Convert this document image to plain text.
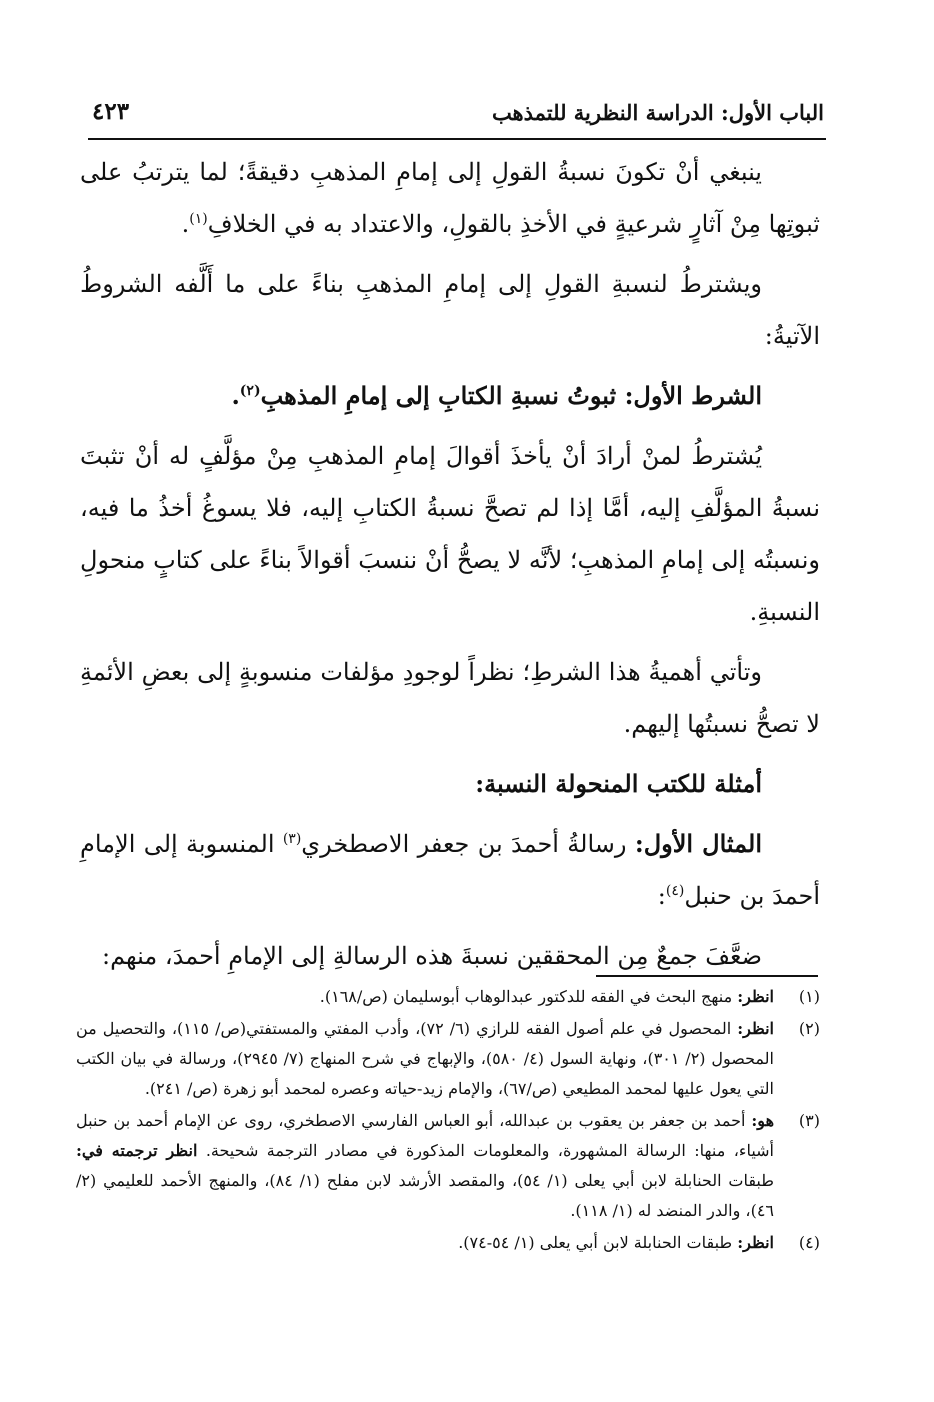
الباب الأول: الدراسة النظرية للتمذهب
٤٢٣

ينبغي أنْ تكونَ نسبةُ القولِ إلى إمامِ المذهبِ دقيقةً؛ لما يترتبُ على ثبوتِها مِنْ آثارٍ شرعيةٍ في الأخذِ بالقولِ، والاعتداد به في الخلافِ$^{(١)}$.

ويشترطُ لنسبةِ القولِ إلى إمامِ المذهبِ بناءً على ما أَلَّفه الشروطُ الآتيةُ:

الشرط الأول: ثبوتُ نسبةِ الكتابِ إلى إمامِ المذهبِ$^{(٢)}$.

يُشترطُ لمنْ أرادَ أنْ يأخذَ أقوالَ إمامِ المذهبِ مِنْ مؤلَّفٍ له أنْ تثبتَ نسبةُ المؤلَّفِ إليه، أمَّا إذا لم تصحَّ نسبةُ الكتابِ إليه، فلا يسوغُ أخذُ ما فيه، ونسبتُه إلى إمامِ المذهبِ؛ لأنَّه لا يصحُّ أنْ ننسبَ أقوالاً بناءً على كتابٍ منحولِ النسبةِ.

وتأتي أهميةُ هذا الشرطِ؛ نظراً لوجودِ مؤلفات منسوبةٍ إلى بعضِ الأئمةِ لا تصحُّ نسبتُها إليهم.

أمثلة للكتب المنحولة النسبة:

المثال الأول: رسالةُ أحمدَ بن جعفر الاصطخري$^{(٣)}$ المنسوبة إلى الإمامِ أحمدَ بن حنبل$^{(٤)}$:

ضعَّفَ جمعٌ مِن المحققين نسبةَ هذه الرسالةِ إلى الإمامِ أحمدَ، منهم:

(١)
انظر: منهج البحث في الفقه للدكتور عبدالوهاب أبوسليمان (ص/١٦٨).

(٢)
انظر: المحصول في علم أصول الفقه للرازي (٦/ ٧٢)، وأدب المفتي والمستفتي(ص/ ١١٥)، والتحصيل من المحصول (٢/ ٣٠١)، ونهاية السول (٤/ ٥٨٠)، والإبهاج في شرح المنهاج (٧/ ٢٩٤٥)، ورسالة في بيان الكتب التي يعول عليها لمحمد المطيعي (ص/٦٧)، والإمام زيد-حياته وعصره لمحمد أبو زهرة (ص/ ٢٤١).

(٣)
هو: أحمد بن جعفر بن يعقوب بن عبدالله، أبو العباس الفارسي الاصطخري، روى عن الإمام أحمد بن حنبل أشياء، منها: الرسالة المشهورة، والمعلومات المذكورة في مصادر الترجمة شحيحة. انظر ترجمته في: طبقات الحنابلة لابن أبي يعلى (١/ ٥٤)، والمقصد الأرشد لابن مفلح (١/ ٨٤)، والمنهج الأحمد للعليمي (٢/ ٤٦)، والدر المنضد له (١/ ١١٨).

(٤)
انظر: طبقات الحنابلة لابن أبي يعلى (١/ ٥٤-٧٤).
